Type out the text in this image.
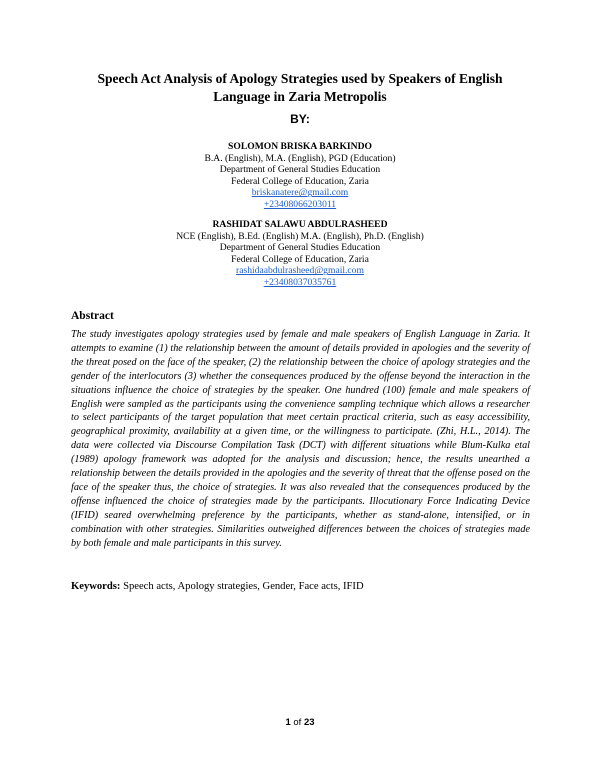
Speech Act Analysis of Apology Strategies used by Speakers of English
Language in Zaria Metropolis
BY:
SOLOMON BRISKA BARKINDO
B.A. (English), M.A. (English), PGD (Education)
Department of General Studies Education
Federal College of Education, Zaria
briskanatere@gmail.com
+23408066203011
RASHIDAT SALAWU ABDULRASHEED
NCE (English), B.Ed. (English) M.A. (English), Ph.D. (English)
Department of General Studies Education
Federal College of Education, Zaria
rashidaabdulrasheed@gmail.com
+23408037035761
Abstract

The study investigates apology strategies used by female and male speakers of English Language in Zaria. It attempts to examine (1) the relationship between the amount of details provided in apologies and the severity of the threat posed on the face of the speaker, (2) the relationship between the choice of apology strategies and the gender of the interlocutors (3) whether the consequences produced by the offense beyond the interaction in the situations influence the choice of strategies by the speaker. One hundred (100) female and male speakers of English were sampled as the participants using the convenience sampling technique which allows a researcher to select participants of the target population that meet certain practical criteria, such as easy accessibility, geographical proximity, availability at a given time, or the willingness to participate. (Zhi, H.L., 2014). The data were collected via Discourse Compilation Task (DCT) with different situations while Blum-Kulka etal (1989) apology framework was adopted for the analysis and discussion; hence, the results unearthed a relationship between the details provided in the apologies and the severity of threat that the offense posed on the face of the speaker thus, the choice of strategies. It was also revealed that the consequences produced by the offense influenced the choice of strategies made by the participants. Illocutionary Force Indicating Device (IFID) seared overwhelming preference by the participants, whether as stand-alone, intensified, or in combination with other strategies. Similarities outweighed differences between the choices of strategies made by both female and male participants in this survey.

Keywords: Speech acts, Apology strategies, Gender, Face acts, IFID
1 of 23
